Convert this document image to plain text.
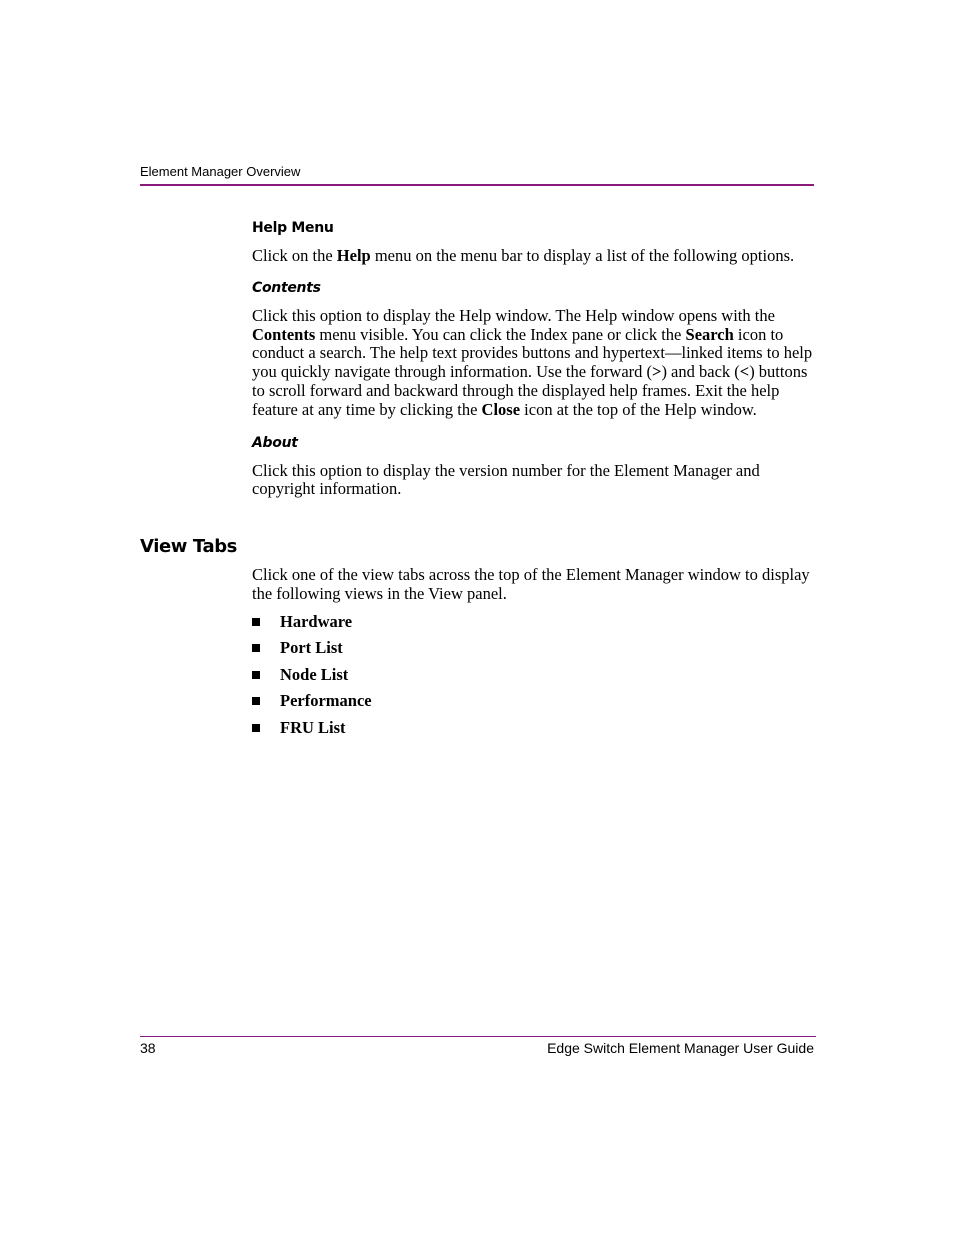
Element Manager Overview
Help Menu

Click on the Help menu on the menu bar to display a list of the following options.

Contents

Click this option to display the Help window. The Help window opens with the Contents menu visible. You can click the Index pane or click the Search icon to conduct a search. The help text provides buttons and hypertext—linked items to help you quickly navigate through information. Use the forward (>) and back (<) buttons to scroll forward and backward through the displayed help frames. Exit the help feature at any time by clicking the Close icon at the top of the Help window.

About

Click this option to display the version number for the Element Manager and copyright information.

View Tabs

Click one of the view tabs across the top of the Element Manager window to display the following views in the View panel.

Hardware
Port List
Node List
Performance
FRU List
38	Edge Switch Element Manager User Guide
